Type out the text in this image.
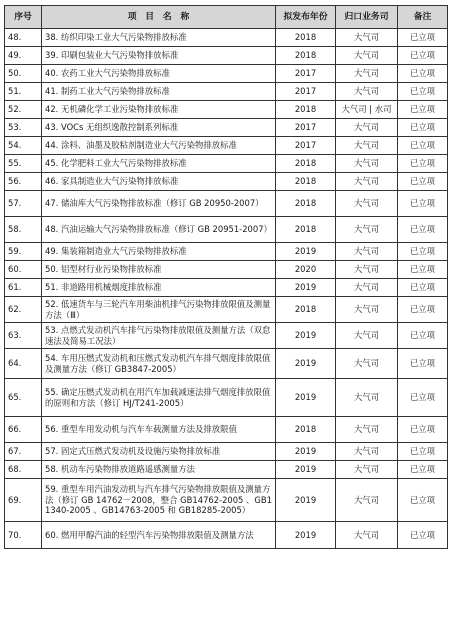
序号	项　目　名　称	拟发布年份	归口业务司	备注
48.	38. 纺织印染工业大气污染物排放标准	2018	大气司	已立项
49.	39. 印刷包装业大气污染物排放标准	2018	大气司	已立项
50.	40. 农药工业大气污染物排放标准	2017	大气司	已立项
51.	41. 制药工业大气污染物排放标准	2017	大气司	已立项
52.	42. 无机磷化学工业污染物排放标准	2018	大气司 | 水司	已立项
53.	43. VOCs 无组织逸散控制系列标准	2017	大气司	已立项
54.	44. 涂料、油墨及胶粘剂制造业大气污染物排放标准	2017	大气司	已立项
55.	45. 化学肥料工业大气污染物排放标准	2018	大气司	已立项
56.	46. 家具制造业大气污染物排放标准	2018	大气司	已立项
57.	47. 储油库大气污染物排放标准（修订 GB 20950-2007）	2018	大气司	已立项
58.	48. 汽油运输大气污染物排放标准（修订 GB 20951-2007）	2018	大气司	已立项
59.	49. 集装箱制造业大气污染物排放标准	2019	大气司	已立项
60.	50. 铝型材行业污染物排放标准	2020	大气司	已立项
61.	51. 非道路用机械烟度排放标准	2019	大气司	已立项
62.	52. 低速货车与三轮汽车用柴油机排气污染物排放限值及测量方法（Ⅲ）	2018	大气司	已立项
63.	53. 点燃式发动机汽车排气污染物排放限值及测量方法（双怠速法及简易工况法）	2019	大气司	已立项
64.	54. 车用压燃式发动机和压燃式发动机汽车排气烟度排放限值及测量方法（修订 GB3847-2005）	2019	大气司	已立项
65.	55. 确定压燃式发动机在用汽车加载减速法排气烟度排放限值的原则和方法（修订 HJ/T241-2005）	2019	大气司	已立项
66.	56. 重型车用发动机与汽车车载测量方法及排放限值	2018	大气司	已立项
67.	57. 固定式压燃式发动机及设施污染物排放标准	2019	大气司	已立项
68.	58. 机动车污染物排放道路遥感测量方法	2019	大气司	已立项
69.	59. 重型车用汽油发动机与汽车排气污染物排放限值及测量方法（修订 GB 14762－2008，整合 GB14762-2005 、GB11340-2005 、GB14763-2005 和 GB18285-2005）	2019	大气司	已立项
70.	60. 燃用甲醇汽油的轻型汽车污染物排放限值及测量方法	2019	大气司	已立项
